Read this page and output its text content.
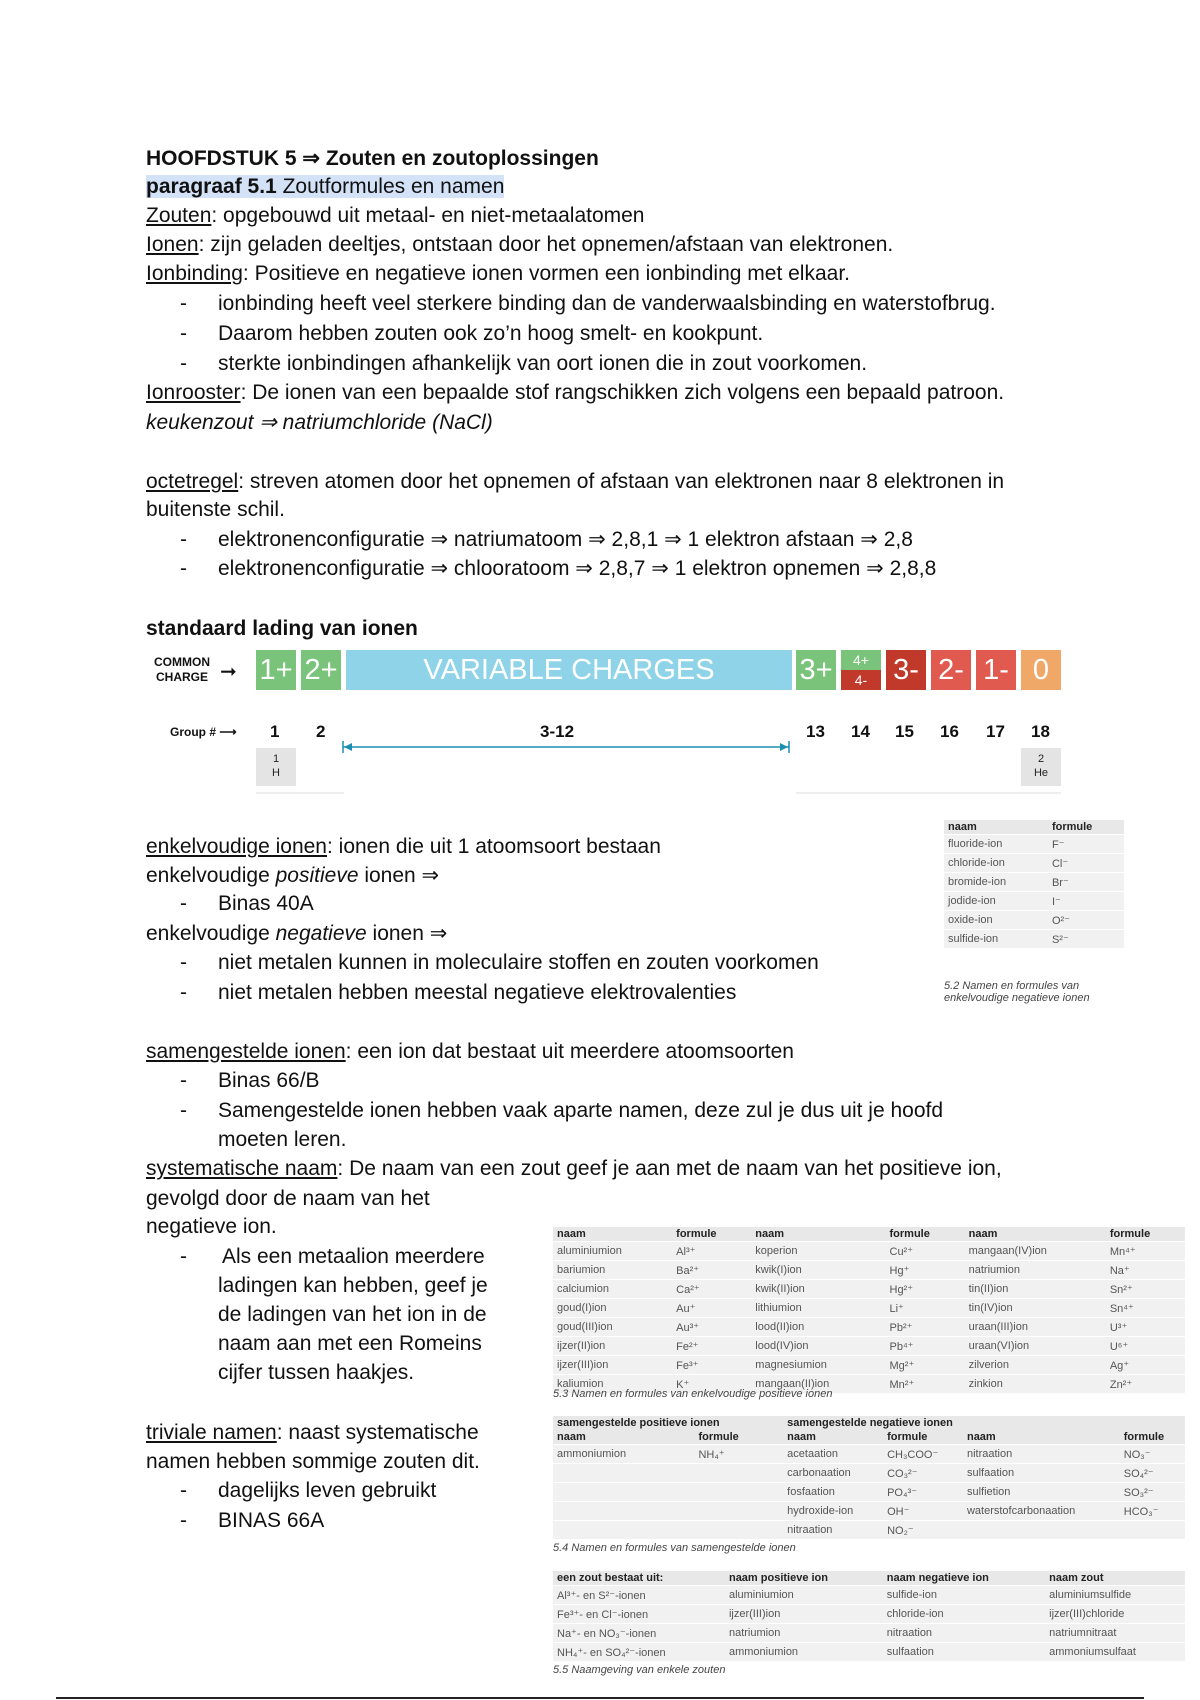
HOOFDSTUK 5 ⇒ Zouten en zoutoplossingen
paragraaf 5.1 Zoutformules en namen
Zouten: opgebouwd uit metaal- en niet-metaalatomen
Ionen: zijn geladen deeltjes, ontstaan door het opnemen/afstaan van elektronen.
Ionbinding: Positieve en negatieve ionen vormen een ionbinding met elkaar.
- ionbinding heeft veel sterkere binding dan de vanderwaalsbinding en waterstofbrug.
- Daarom hebben zouten ook zo’n hoog smelt- en kookpunt.
- sterkte ionbindingen afhankelijk van oort ionen die in zout voorkomen.
Ionrooster: De ionen van een bepaalde stof rangschikken zich volgens een bepaald patroon.
keukenzout ⇒ natriumchloride (NaCl)
octetregel: streven atomen door het opnemen of afstaan van elektronen naar 8 elektronen in
buitenste schil.
- elektronenconfiguratie ⇒ natriumatoom ⇒ 2,8,1 ⇒ 1 elektron afstaan ⇒ 2,8
- elektronenconfiguratie ⇒ chlooratoom ⇒ 2,8,7 ⇒ 1 elektron opnemen ⇒ 2,8,8
standaard lading van ionen
COMMON
CHARGE ➞ 1+ 2+	VARIABLE CHARGES	3+	4+
4- 3- 2- 1- 0
Group # ⟶ 1 2	3-12	13 14 15 16 17 18
1
H
2
He
enkelvoudige ionen: ionen die uit 1 atoomsoort bestaan
enkelvoudige positieve ionen ⇒
- Binas 40A
enkelvoudige negatieve ionen ⇒
- niet metalen kunnen in moleculaire stoffen en zouten voorkomen
- niet metalen hebben meestal negatieve elektrovalenties
naam	formule
fluoride-ion	F⁻
chloride-ion	Cl⁻
bromide-ion	Br⁻
jodide-ion	I⁻
oxide-ion	O²⁻
sulfide-ion	S²⁻
5.2 Namen en formules van
enkelvoudige negatieve ionen
samengestelde ionen: een ion dat bestaat uit meerdere atoomsoorten
- Binas 66/B
- Samengestelde ionen hebben vaak aparte namen, deze zul je dus uit je hoofd
moeten leren.
systematische naam: De naam van een zout geef je aan met de naam van het positieve ion,
gevolgd door de naam van het
negatieve ion.
- Als een metaalion meerdere
ladingen kan hebben, geef je
de ladingen van het ion in de
naam aan met een Romeins
cijfer tussen haakjes.
triviale namen: naast systematische
namen hebben sommige zouten dit.
- dagelijks leven gebruikt
- BINAS 66A
naam	formule	naam	formule	naam	formule
aluminiumion	Al³⁺	koperion	Cu²⁺	mangaan(IV)ion	Mn⁴⁺
bariumion	Ba²⁺	kwik(I)ion	Hg⁺	natriumion	Na⁺
calciumion	Ca²⁺	kwik(II)ion	Hg²⁺	tin(II)ion	Sn²⁺
goud(I)ion	Au⁺	lithiumion	Li⁺	tin(IV)ion	Sn⁴⁺
goud(III)ion	Au³⁺	lood(II)ion	Pb²⁺	uraan(III)ion	U³⁺
ijzer(II)ion	Fe²⁺	lood(IV)ion	Pb⁴⁺	uraan(VI)ion	U⁶⁺
ijzer(III)ion	Fe³⁺	magnesiumion	Mg²⁺	zilverion	Ag⁺
kaliumion	K⁺	mangaan(II)ion	Mn²⁺	zinkion	Zn²⁺
5.3 Namen en formules van enkelvoudige positieve ionen
samengestelde positieve ionen		samengestelde negatieve ionen			
naam	formule	naam	formule	naam	formule
ammoniumion	NH₄⁺	acetaation	CH₃COO⁻	nitraation	NO₃⁻
		carbonaation	CO₃²⁻	sulfaation	SO₄²⁻
		fosfaation	PO₄³⁻	sulfietion	SO₃²⁻
		hydroxide-ion	OH⁻	waterstofcarbonaation	HCO₃⁻
		nitraation	NO₂⁻		
5.4 Namen en formules van samengestelde ionen
een zout bestaat uit:	naam positieve ion	naam negatieve ion	naam zout
Al³⁺- en S²⁻-ionen	aluminiumion	sulfide-ion	aluminiumsulfide
Fe³⁺- en Cl⁻-ionen	ijzer(III)ion	chloride-ion	ijzer(III)chloride
Na⁺- en NO₃⁻-ionen	natriumion	nitraation	natriumnitraat
NH₄⁺- en SO₄²⁻-ionen	ammoniumion	sulfaation	ammoniumsulfaat
5.5 Naamgeving van enkele zouten
